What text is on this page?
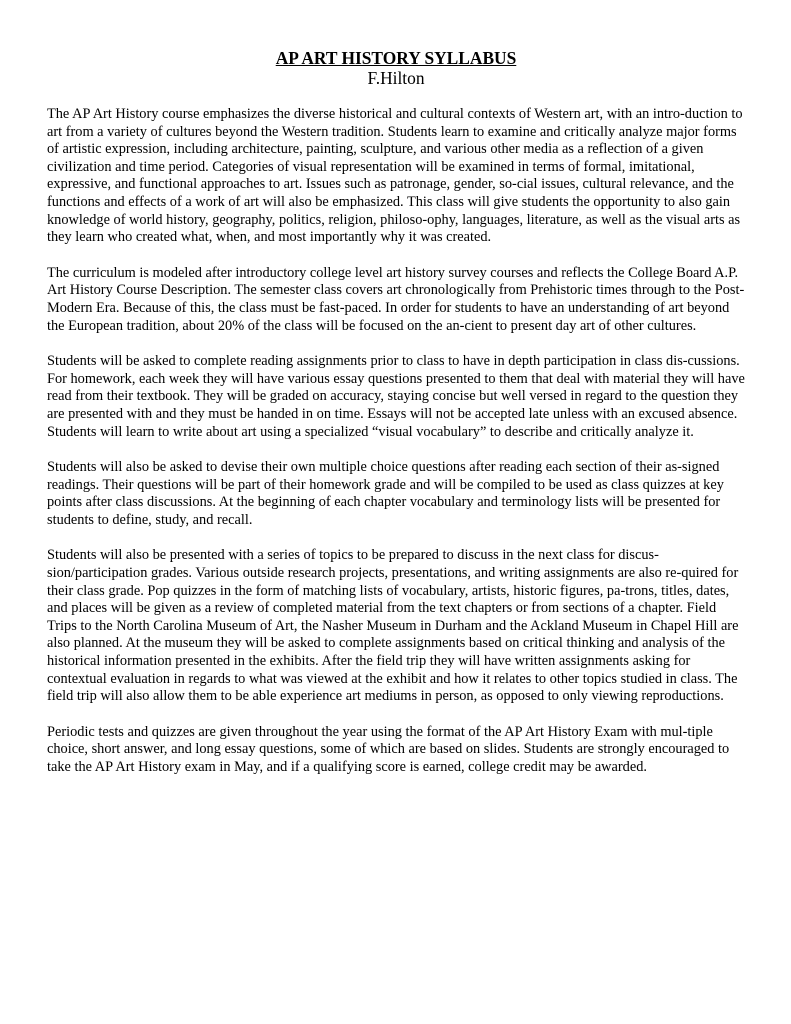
AP ART HISTORY SYLLABUS
F.Hilton

The AP Art History course emphasizes the diverse historical and cultural contexts of Western art, with an intro-duction to art from a variety of cultures beyond the Western tradition. Students learn to examine and critically analyze major forms of artistic expression, including architecture, painting, sculpture, and various other media as a reflection of a given civilization and time period. Categories of visual representation will be examined in terms of formal, imitational, expressive, and functional approaches to art. Issues such as patronage, gender, so-cial issues, cultural relevance, and the functions and effects of a work of art will also be emphasized. This class will give students the opportunity to also gain knowledge of world history, geography, politics, religion, philoso-ophy, languages, literature, as well as the visual arts as they learn who created what, when, and most importantly why it was created.

The curriculum is modeled after introductory college level art history survey courses and reflects the College Board A.P. Art History Course Description. The semester class covers art chronologically from Prehistoric times through to the Post-Modern Era. Because of this, the class must be fast-paced. In order for students to have an understanding of art beyond the European tradition, about 20% of the class will be focused on the an-cient to present day art of other cultures.

Students will be asked to complete reading assignments prior to class to have in depth participation in class dis-cussions. For homework, each week they will have various essay questions presented to them that deal with material they will have read from their textbook. They will be graded on accuracy, staying concise but well versed in regard to the question they are presented with and they must be handed in on time. Essays will not be accepted late unless with an excused absence. Students will learn to write about art using a specialized “visual vocabulary” to describe and critically analyze it.

Students will also be asked to devise their own multiple choice questions after reading each section of their as-signed readings. Their questions will be part of their homework grade and will be compiled to be used as class quizzes at key points after class discussions. At the beginning of each chapter vocabulary and terminology lists will be presented for students to define, study, and recall.

Students will also be presented with a series of topics to be prepared to discuss in the next class for discus-sion/participation grades. Various outside research projects, presentations, and writing assignments are also re-quired for their class grade. Pop quizzes in the form of matching lists of vocabulary, artists, historic figures, pa-trons, titles, dates, and places will be given as a review of completed material from the text chapters or from sections of a chapter. Field Trips to the North Carolina Museum of Art, the Nasher Museum in Durham and the Ackland Museum in Chapel Hill are also planned. At the museum they will be asked to complete assignments based on critical thinking and analysis of the historical information presented in the exhibits. After the field trip they will have written assignments asking for contextual evaluation in regards to what was viewed at the exhibit and how it relates to other topics studied in class. The field trip will also allow them to be able experience art mediums in person, as opposed to only viewing reproductions.

Periodic tests and quizzes are given throughout the year using the format of the AP Art History Exam with mul-tiple choice, short answer, and long essay questions, some of which are based on slides. Students are strongly encouraged to take the AP Art History exam in May, and if a qualifying score is earned, college credit may be awarded.
